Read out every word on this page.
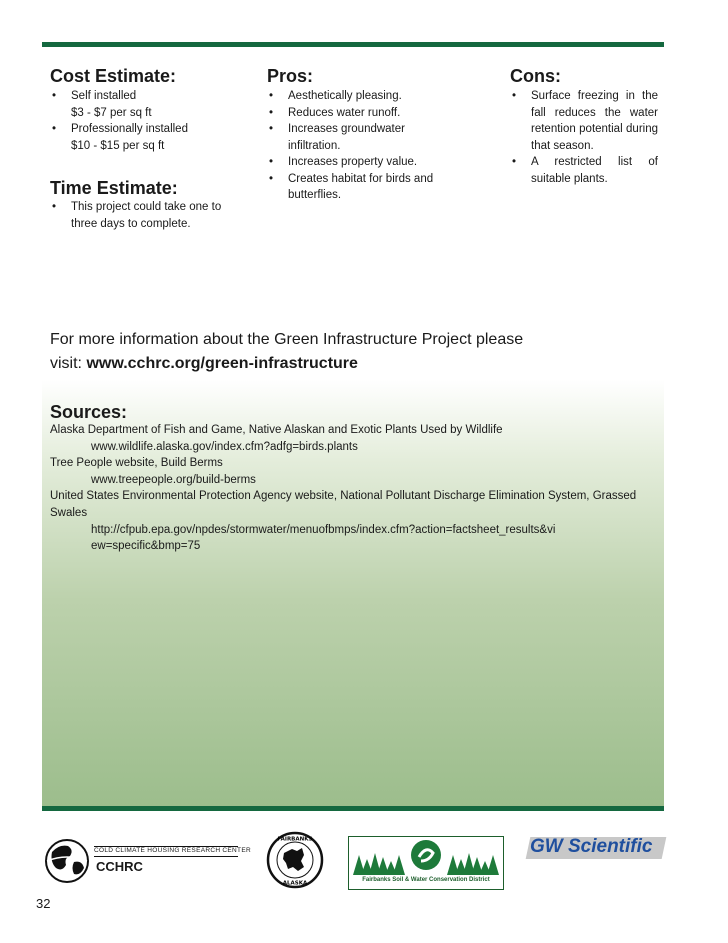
Cost Estimate:
• Self installed
$3 - $7 per sq ft
• Professionally installed
$10 - $15 per sq ft
Time Estimate:
• This project could take one to three days to complete.
Pros:
• Aesthetically pleasing.
• Reduces water runoff.
• Increases groundwater infiltration.
• Increases property value.
• Creates habitat for birds and butterflies.
Cons:
• Surface freezing in the fall reduces the water retention potential during that season.
• A restricted list of suitable plants.
For more information about the Green Infrastructure Project please
visit: www.cchrc.org/green-infrastructure
Sources:

Alaska Department of Fish and Game, Native Alaskan and Exotic Plants Used by Wildlife

www.wildlife.alaska.gov/index.cfm?adfg=birds.plants

Tree People website, Build Berms

www.treepeople.org/build-berms

United States Environmental Protection Agency website, National Pollutant Discharge Elimination System, Grassed Swales

http://cfpub.epa.gov/npdes/stormwater/menuofbmps/index.cfm?action=factsheet_results&view=specific&bmp=75

COLD CLIMATE HOUSING RESEARCH CENTER
CCHRC
FAIRBANKS
ALASKA
Fairbanks Soil & Water Conservation District
GW Scientific
32
